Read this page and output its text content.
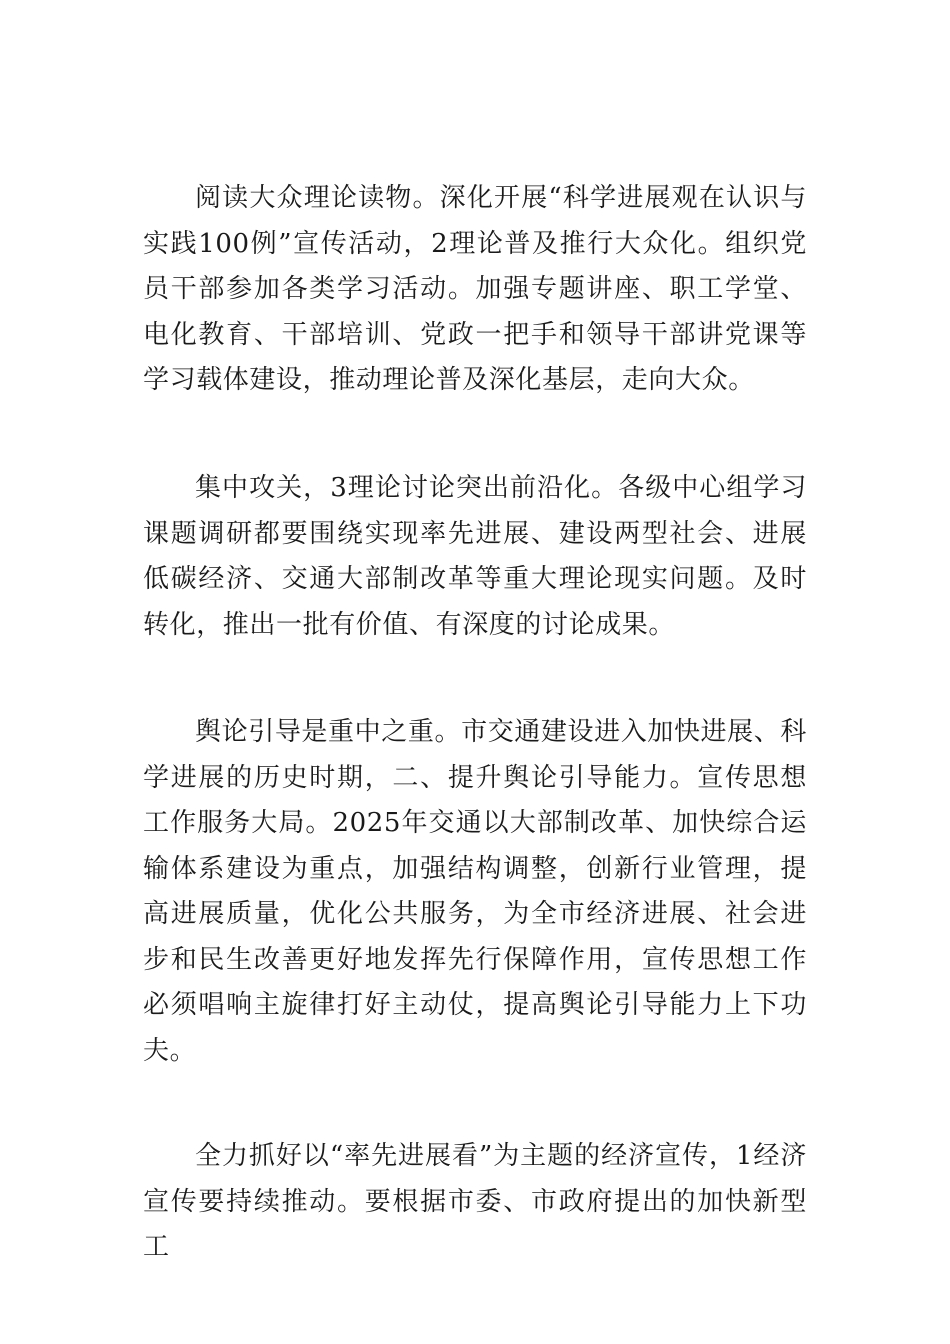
阅读大众理论读物。深化开展“科学进展观在认识与实践100例”宣传活动，2理论普及推行大众化。组织党员干部参加各类学习活动。加强专题讲座、职工学堂、电化教育、干部培训、党政一把手和领导干部讲党课等学习载体建设，推动理论普及深化基层，走向大众。

集中攻关，3理论讨论突出前沿化。各级中心组学习课题调研都要围绕实现率先进展、建设两型社会、进展低碳经济、交通大部制改革等重大理论现实问题。及时转化，推出一批有价值、有深度的讨论成果。

舆论引导是重中之重。市交通建设进入加快进展、科学进展的历史时期，二、提升舆论引导能力。宣传思想工作服务大局。2025年交通以大部制改革、加快综合运输体系建设为重点，加强结构调整，创新行业管理，提高进展质量，优化公共服务，为全市经济进展、社会进步和民生改善更好地发挥先行保障作用，宣传思想工作必须唱响主旋律打好主动仗，提高舆论引导能力上下功夫。

全力抓好以“率先进展看”为主题的经济宣传，1经济宣传要持续推动。要根据市委、市政府提出的加快新型工
